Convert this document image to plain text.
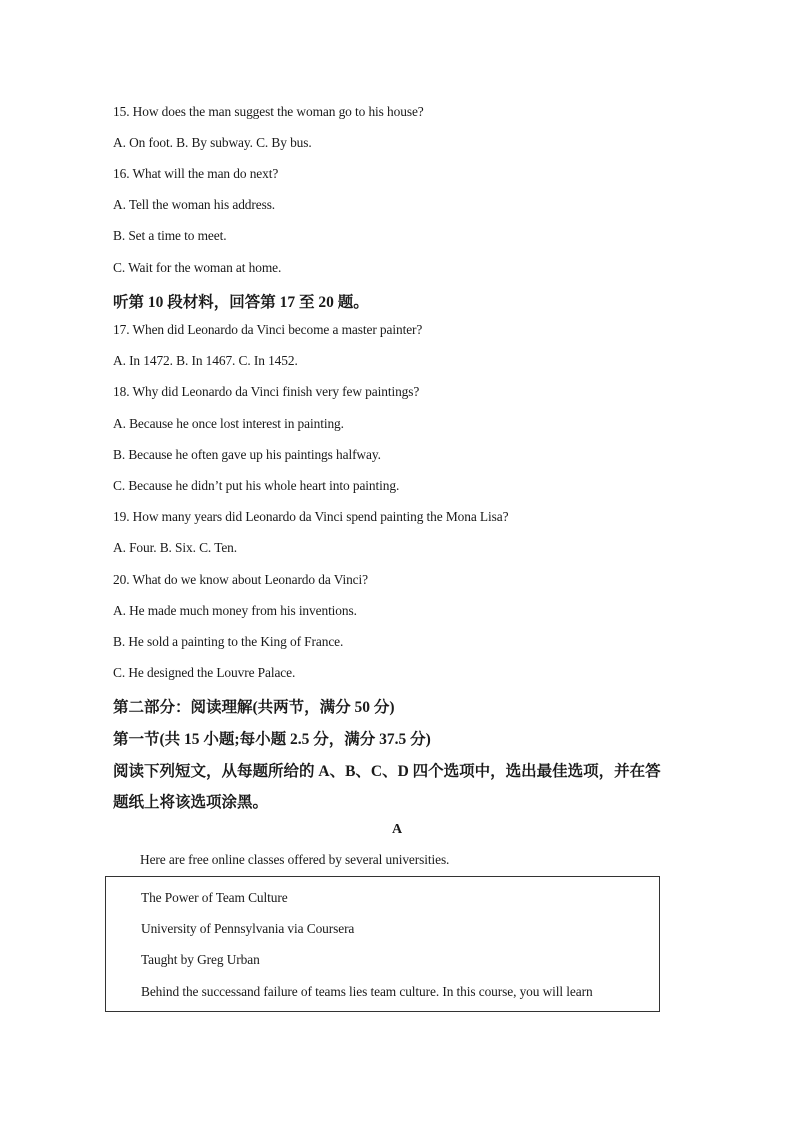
15. How does the man suggest the woman go to his house?
A. On foot. B. By subway. C. By bus.
16. What will the man do next?
A. Tell the woman his address.
B. Set a time to meet.
C. Wait for the woman at home.
听第 10 段材料，回答第 17 至 20 题。
17. When did Leonardo da Vinci become a master painter?
A. In 1472. B. In 1467. C. In 1452.
18. Why did Leonardo da Vinci finish very few paintings?
A. Because he once lost interest in painting.
B. Because he often gave up his paintings halfway.
C. Because he didn’t put his whole heart into painting.
19. How many years did Leonardo da Vinci spend painting the Mona Lisa?
A. Four. B. Six. C. Ten.
20. What do we know about Leonardo da Vinci?
A. He made much money from his inventions.
B. He sold a painting to the King of France.
C. He designed the Louvre Palace.
第二部分：阅读理解(共两节，满分 50 分)
第一节(共 15 小题;每小题 2.5 分，满分 37.5 分)
阅读下列短文，从每题所给的 A、B、C、D 四个选项中，选出最佳选项，并在答
题纸上将该选项涂黑。
A
Here are free online classes offered by several universities.
The Power of Team Culture
University of Pennsylvania via Coursera
Taught by Greg Urban
Behind the successand failure of teams lies team culture. In this course, you will learn
